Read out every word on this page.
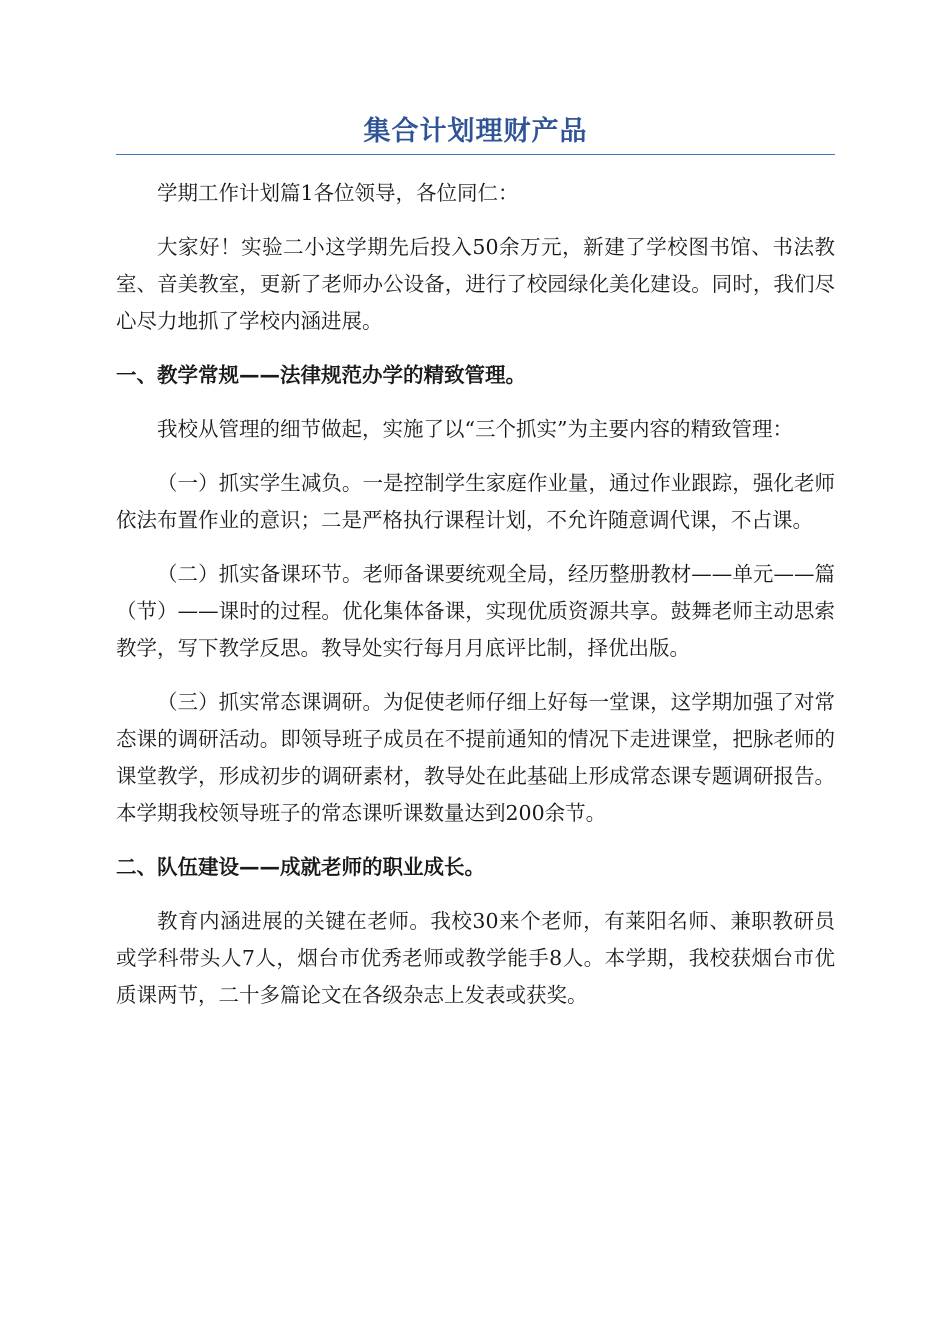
集合计划理财产品

学期工作计划篇1各位领导，各位同仁：

大家好！实验二小这学期先后投入50余万元，新建了学校图书馆、书法教室、音美教室，更新了老师办公设备，进行了校园绿化美化建设。同时，我们尽心尽力地抓了学校内涵进展。

一、教学常规——法律规范办学的精致管理。

我校从管理的细节做起，实施了以“三个抓实”为主要内容的精致管理：

（一）抓实学生减负。一是控制学生家庭作业量，通过作业跟踪，强化老师依法布置作业的意识；二是严格执行课程计划，不允许随意调代课，不占课。

（二）抓实备课环节。老师备课要统观全局，经历整册教材——单元——篇（节）——课时的过程。优化集体备课，实现优质资源共享。鼓舞老师主动思索教学，写下教学反思。教导处实行每月月底评比制，择优出版。

（三）抓实常态课调研。为促使老师仔细上好每一堂课，这学期加强了对常态课的调研活动。即领导班子成员在不提前通知的情况下走进课堂，把脉老师的课堂教学，形成初步的调研素材，教导处在此基础上形成常态课专题调研报告。本学期我校领导班子的常态课听课数量达到200余节。

二、队伍建设——成就老师的职业成长。

教育内涵进展的关键在老师。我校30来个老师，有莱阳名师、兼职教研员或学科带头人7人，烟台市优秀老师或教学能手8人。本学期，我校获烟台市优质课两节，二十多篇论文在各级杂志上发表或获奖。
